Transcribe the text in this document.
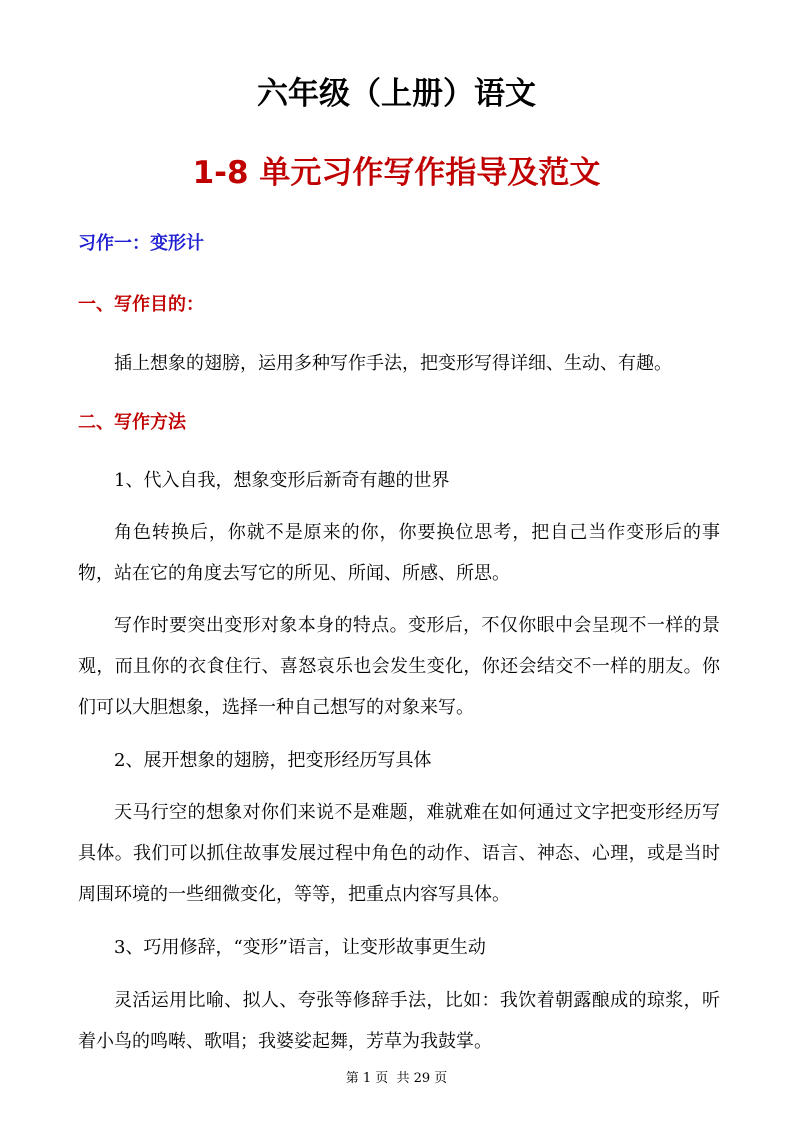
六年级（上册）语文
1-8 单元习作写作指导及范文
习作一：变形计
一、写作目的：
插上想象的翅膀，运用多种写作手法，把变形写得详细、生动、有趣。
二、写作方法
1、代入自我，想象变形后新奇有趣的世界
角色转换后，你就不是原来的你，你要换位思考，把自己当作变形后的事物，站在它的角度去写它的所见、所闻、所感、所思。
写作时要突出变形对象本身的特点。变形后，不仅你眼中会呈现不一样的景观，而且你的衣食住行、喜怒哀乐也会发生变化，你还会结交不一样的朋友。你们可以大胆想象，选择一种自己想写的对象来写。
2、展开想象的翅膀，把变形经历写具体
天马行空的想象对你们来说不是难题，难就难在如何通过文字把变形经历写具体。我们可以抓住故事发展过程中角色的动作、语言、神态、心理，或是当时周围环境的一些细微变化，等等，把重点内容写具体。
3、巧用修辞，“变形”语言，让变形故事更生动
灵活运用比喻、拟人、夸张等修辞手法，比如：我饮着朝露酿成的琼浆，听着小鸟的鸣啭、歌唱；我婆娑起舞，芳草为我鼓掌。
第 1 页  共 29 页
